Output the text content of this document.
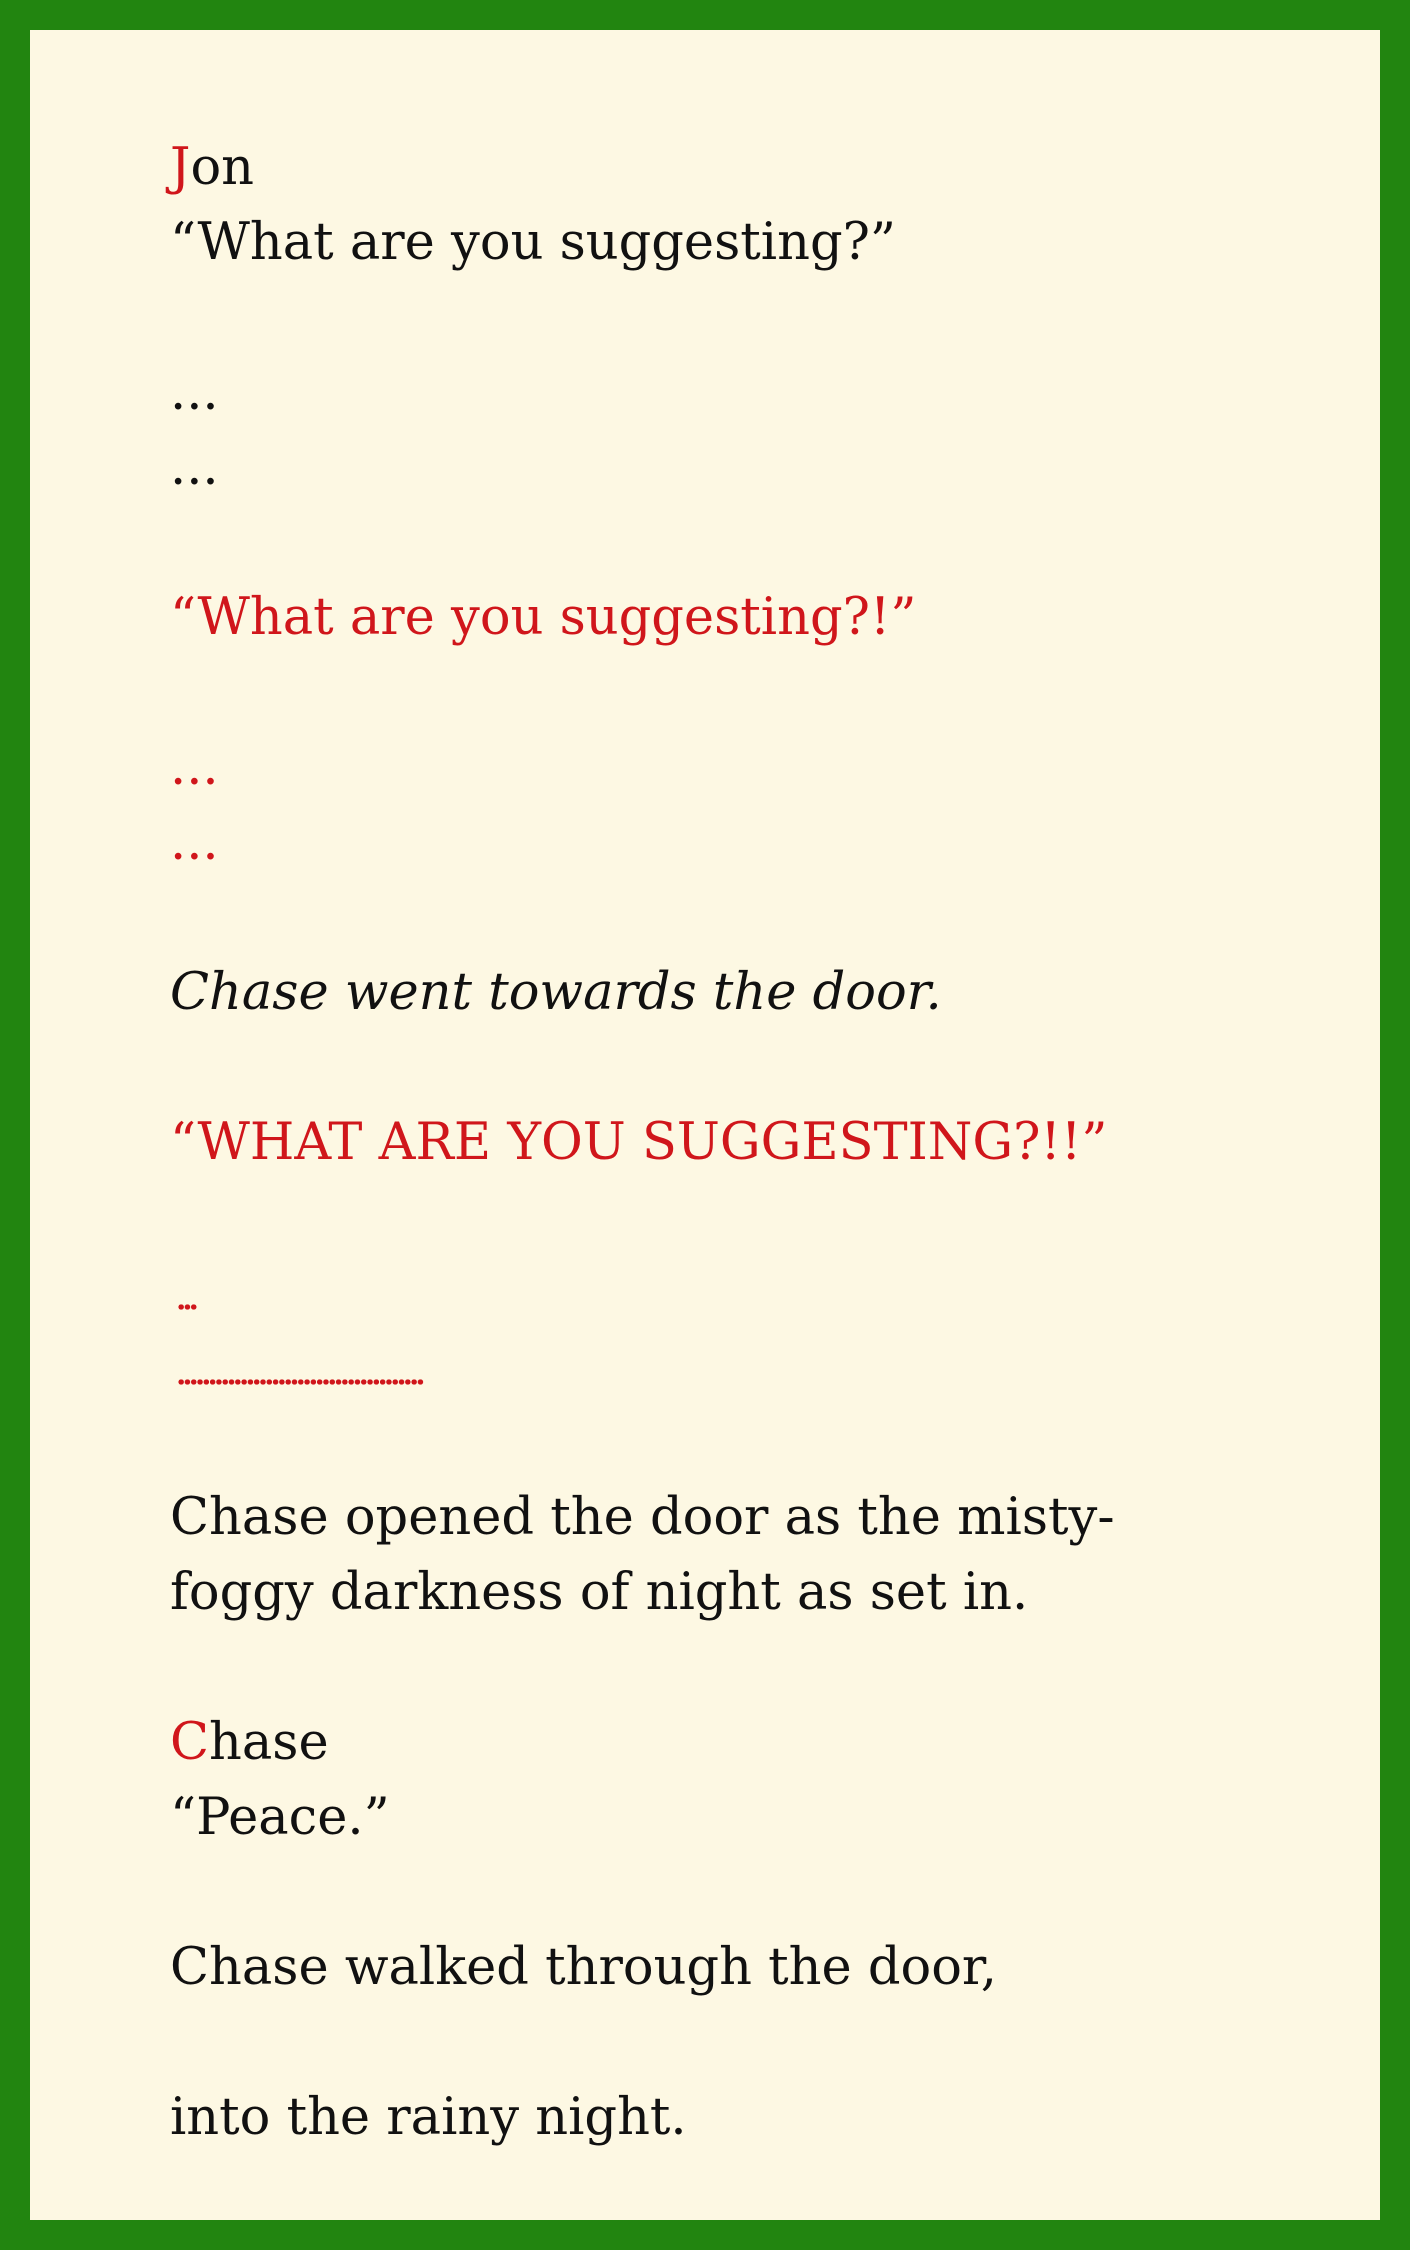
Jon
“What are you suggesting?”
...
...
“What are you suggesting?!”
...
...
Chase went towards the door.
“WHAT ARE YOU SUGGESTING?!!”
Chase opened the door as the misty-
foggy darkness of night as set in.
Chase
“Peace.”
Chase walked through the door,
into the rainy night.
